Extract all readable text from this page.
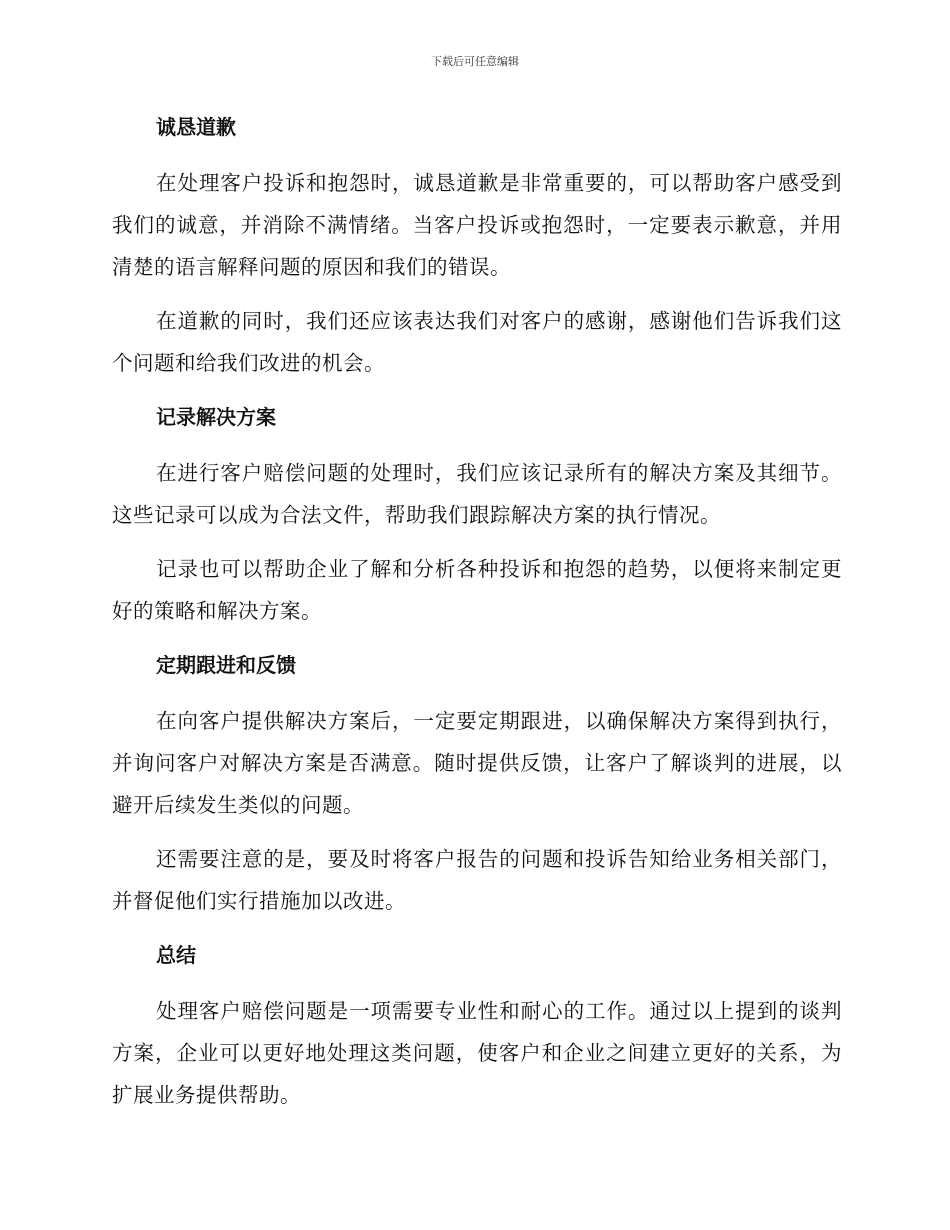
下载后可任意编辑
诚恳道歉

在处理客户投诉和抱怨时，诚恳道歉是非常重要的，可以帮助客户感受到我们的诚意，并消除不满情绪。当客户投诉或抱怨时，一定要表示歉意，并用清楚的语言解释问题的原因和我们的错误。

在道歉的同时，我们还应该表达我们对客户的感谢，感谢他们告诉我们这个问题和给我们改进的机会。

记录解决方案

在进行客户赔偿问题的处理时，我们应该记录所有的解决方案及其细节。这些记录可以成为合法文件，帮助我们跟踪解决方案的执行情况。

记录也可以帮助企业了解和分析各种投诉和抱怨的趋势，以便将来制定更好的策略和解决方案。

定期跟进和反馈

在向客户提供解决方案后，一定要定期跟进，以确保解决方案得到执行，并询问客户对解决方案是否满意。随时提供反馈，让客户了解谈判的进展，以避开后续发生类似的问题。

还需要注意的是，要及时将客户报告的问题和投诉告知给业务相关部门，并督促他们实行措施加以改进。

总结

处理客户赔偿问题是一项需要专业性和耐心的工作。通过以上提到的谈判方案，企业可以更好地处理这类问题，使客户和企业之间建立更好的关系，为扩展业务提供帮助。
